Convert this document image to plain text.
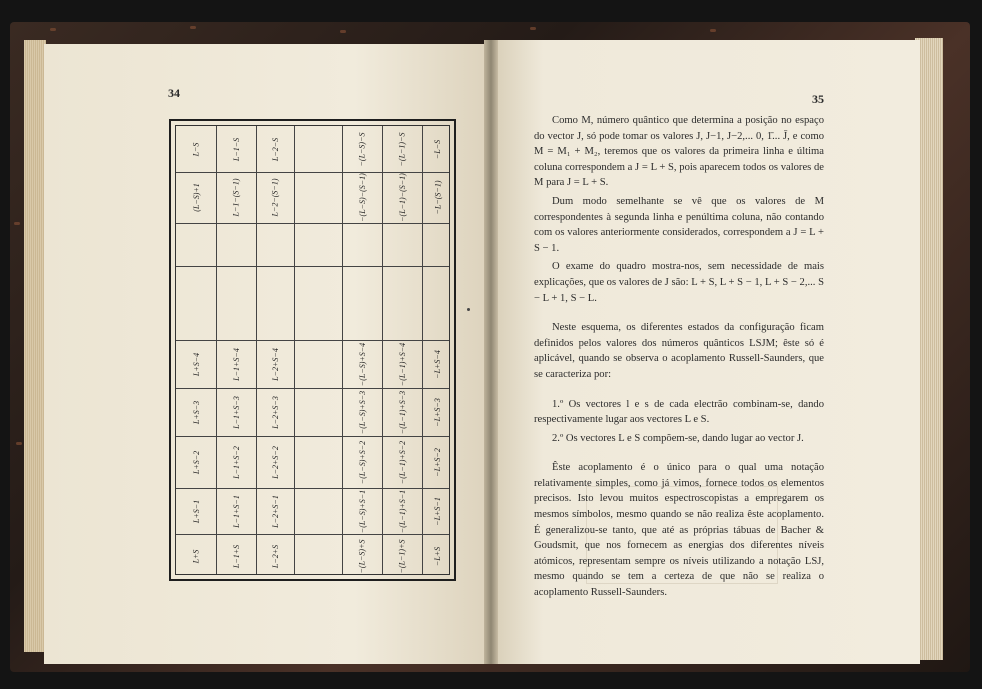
34	35
L−S
(L−S)+1
L+S−4
L+S−3
L+S−2
L+S−1
L+S
L−1−S
L−1−(S−1)
L−1+S−4
L−1+S−3
L−1+S−2
L−1+S−1
L−1+S
L−2−S
L−2−(S−1)
L−2+S−4
L−2+S−3
L−2+S−2
L−2+S−1
L−2+S
−(L−S)−S
−(L−S)−(S−1)
−(L−S)+S−4
−(L−S)+S−3
−(L−S)+S−2
−(L−S)+S−1
−(L−S)+S
−(L−1)−S
−(L−1)−(S−1)
−(L−1)+S−4
−(L−1)+S−3
−(L−1)+S−2
−(L−1)+S−1
−(L−1)+S
−L−S
−L−(S−1)
−L+S−4
−L+S−3
−L+S−2
−L+S−1
−L+S

Como M, número quântico que determina a posição no espaço do vector J, só pode tomar os valores J, J−1, J−2,... 0, 1̄... J̄, e como M = M₁ + M₂, teremos que os valores da primeira linha e última coluna correspondem a J = L + S, pois aparecem todos os valores de M para J = L + S.

Dum modo semelhante se vê que os valores de M correspondentes à segunda linha e penúltima coluna, não contando com os valores anteriormente considerados, correspondem a J = L + S − 1.

O exame do quadro mostra-nos, sem necessidade de mais explicações, que os valores de J são: L + S, L + S − 1, L + S − 2,... S − L + 1, S − L.

Neste esquema, os diferentes estados da configuração ficam definidos pelos valores dos números quânticos LSJM; êste só é aplicável, quando se observa o acoplamento Russell-Saunders, que se caracteriza por:

1.º Os vectores l e s de cada electrão combinam-se, dando respectivamente lugar aos vectores L e S.

2.º Os vectores L e S compõem-se, dando lugar ao vector J.

Êste acoplamento é o único para o qual uma notação relativamente simples, como já vimos, fornece todos os elementos precisos. Isto levou muitos espectroscopistas a empregarem os mesmos símbolos, mesmo quando se não realiza êste acoplamento. É generalizou-se tanto, que até as próprias tábuas de Bacher & Goudsmit, que nos fornecem as energias dos diferentes níveis atómicos, representam sempre os níveis utilizando a notação LSJ, mesmo quando se tem a certeza de que não se realiza o acoplamento Russell-Saunders.
